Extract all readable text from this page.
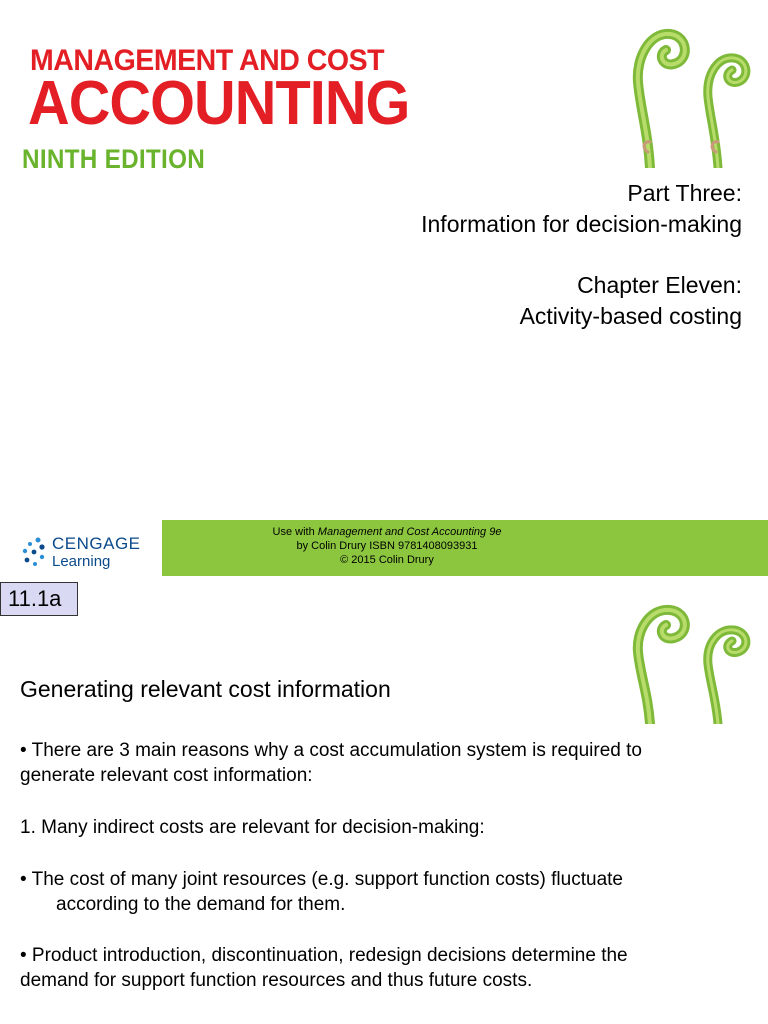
MANAGEMENT AND COST
ACCOUNTING
NINTH EDITION
Part Three:
Information for decision-making
Chapter Eleven:
Activity-based costing
CENGAGE
Learning
Use with Management and Cost Accounting 9e
by Colin Drury ISBN 9781408093931
© 2015 Colin Drury
11.1a
Generating relevant cost information
• There are 3 main reasons why a cost accumulation system is required to
generate relevant cost information:
1. Many indirect costs are relevant for decision-making:
• The cost of many joint resources (e.g. support function costs) fluctuate
according to the demand for them.
• Product introduction, discontinuation, redesign decisions determine the
demand for support function resources and thus future costs.
